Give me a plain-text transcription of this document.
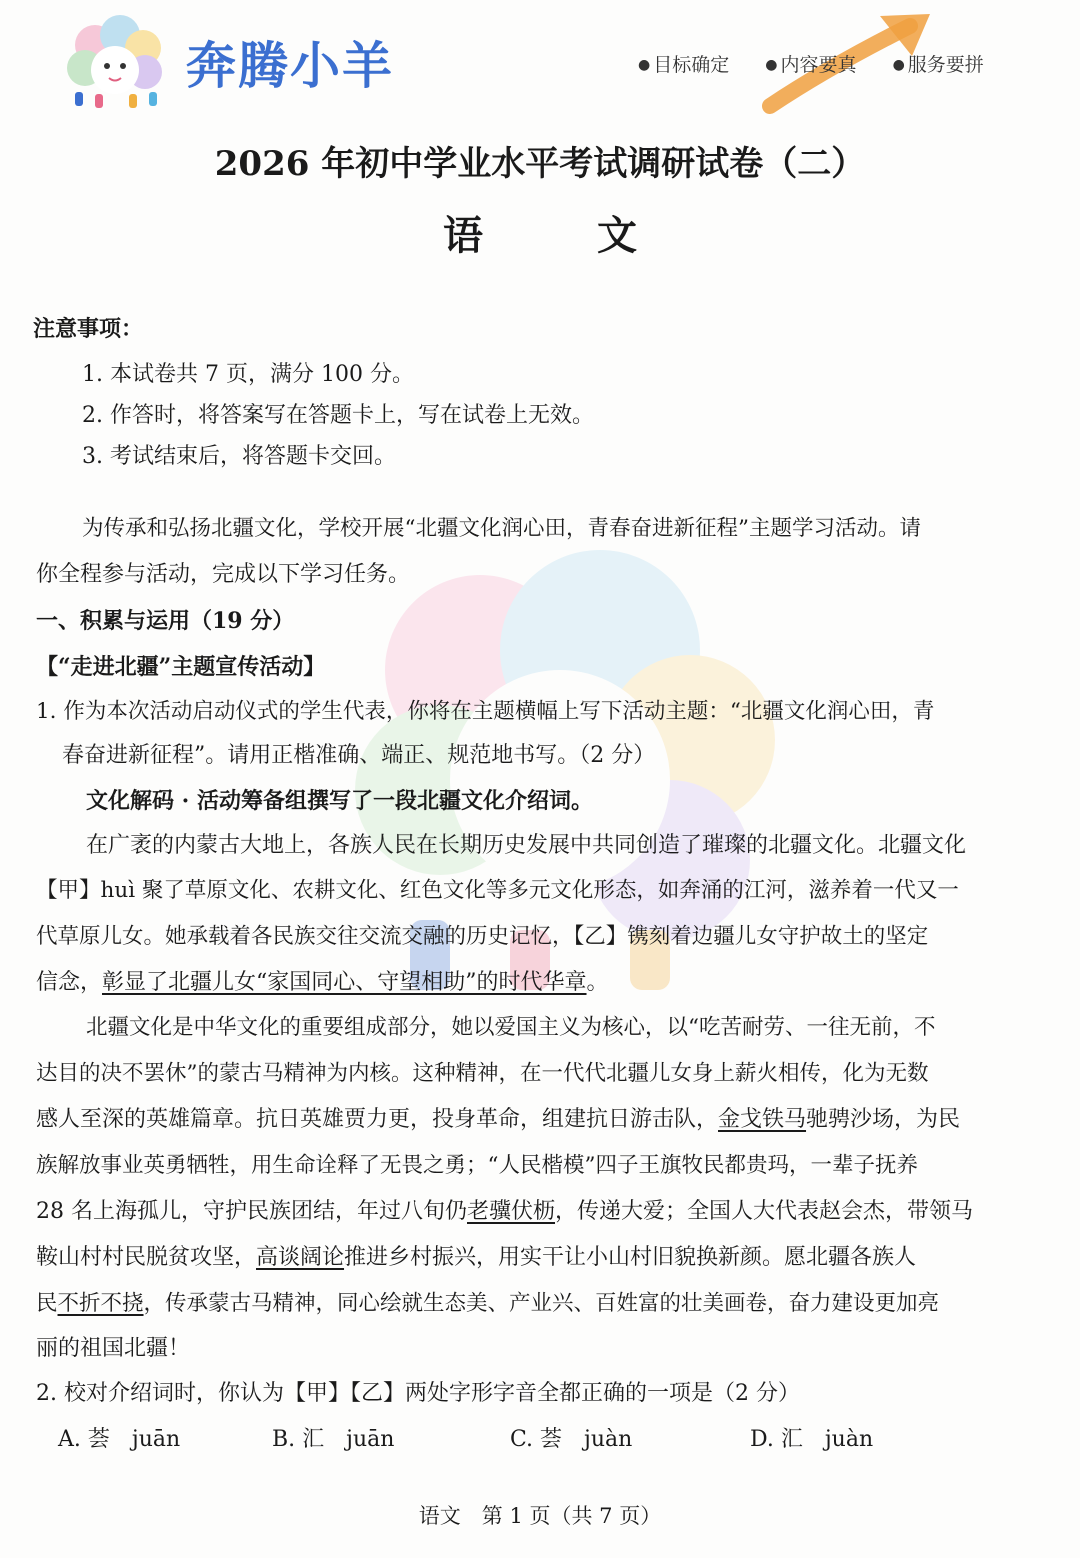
奔腾小羊	● 目标确定	● 内容要真	● 服务要拼
2026 年初中学业水平考试调研试卷（二）
语 文
注意事项：
1. 本试卷共 7 页，满分 100 分。
2. 作答时，将答案写在答题卡上，写在试卷上无效。
3. 考试结束后，将答题卡交回。
为传承和弘扬北疆文化，学校开展“北疆文化润心田，青春奋进新征程”主题学习活动。请
你全程参与活动，完成以下学习任务。
一、积累与运用（19 分）
【“走进北疆”主题宣传活动】
1. 作为本次活动启动仪式的学生代表，你将在主题横幅上写下活动主题：“北疆文化润心田，青
春奋进新征程”。请用正楷准确、端正、规范地书写。（2 分）
文化解码 · 活动筹备组撰写了一段北疆文化介绍词。
在广袤的内蒙古大地上，各族人民在长期历史发展中共同创造了璀璨的北疆文化。北疆文化
【甲】huì 聚了草原文化、农耕文化、红色文化等多元文化形态，如奔涌的江河，滋养着一代又一
代草原儿女。她承载着各民族交往交流交融的历史记忆，【乙】镌刻着边疆儿女守护故土的坚定
信念，彰显了北疆儿女“家国同心、守望相助”的时代华章。
北疆文化是中华文化的重要组成部分，她以爱国主义为核心，以“吃苦耐劳、一往无前，不
达目的决不罢休”的蒙古马精神为内核。这种精神，在一代代北疆儿女身上薪火相传，化为无数
感人至深的英雄篇章。抗日英雄贾力更，投身革命，组建抗日游击队，金戈铁马驰骋沙场，为民
族解放事业英勇牺牲，用生命诠释了无畏之勇；“人民楷模”四子王旗牧民都贵玛，一辈子抚养
28 名上海孤儿，守护民族团结，年过八旬仍老骥伏枥，传递大爱；全国人大代表赵会杰，带领马
鞍山村村民脱贫攻坚，高谈阔论推进乡村振兴，用实干让小山村旧貌换新颜。愿北疆各族人
民不折不挠，传承蒙古马精神，同心绘就生态美、产业兴、百姓富的壮美画卷，奋力建设更加亮
丽的祖国北疆！
2. 校对介绍词时，你认为【甲】【乙】两处字形字音全都正确的一项是（2 分）
A. 荟　juān	B. 汇　juān	C. 荟　juàn	D. 汇　juàn
语文　第 1 页（共 7 页）
